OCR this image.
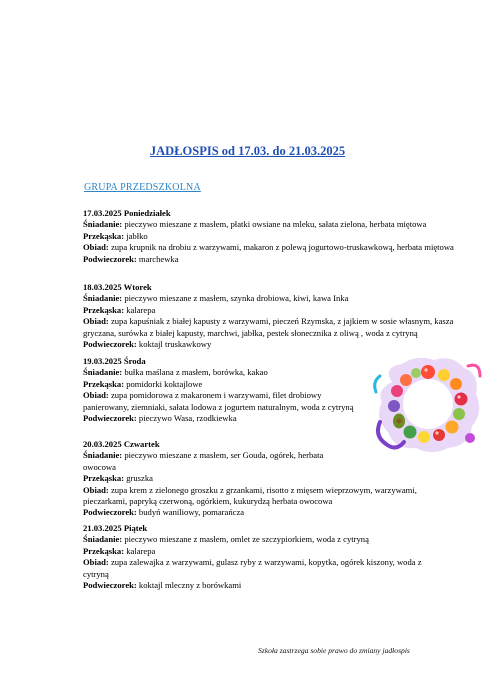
JADŁOSPIS od 17.03. do 21.03.2025
GRUPA PRZEDSZKOLNA
17.03.2025 Poniedziałek
Śniadanie: pieczywo mieszane z masłem, płatki owsiane na mleku, sałata zielona, herbata miętowa
Przekąska: jabłko
Obiad: zupa krupnik na drobiu z warzywami, makaron z polewą jogurtowo-truskawkową, herbata miętowa
Podwieczorek: marchewka
18.03.2025 Wtorek
Śniadanie: pieczywo mieszane z masłem, szynka drobiowa, kiwi, kawa Inka
Przekąska: kalarepa
Obiad: zupa kapuśniak z białej kapusty z warzywami, pieczeń Rzymska, z jajkiem w sosie własnym, kasza gryczana, surówka z białej kapusty, marchwi, jabłka, pestek słonecznika z oliwą , woda z cytryną
Podwieczorek: koktajl truskawkowy
19.03.2025 Środa
Śniadanie: bułka maślana z masłem, borówka, kakao
Przekąska: pomidorki koktajlowe
Obiad: zupa pomidorowa z makaronem i warzywami, filet drobiowy panierowany, ziemniaki, sałata lodowa z jogurtem naturalnym, woda z cytryną
Podwieczorek: pieczywo Wasa, rzodkiewka
20.03.2025 Czwartek
Śniadanie: pieczywo mieszane z masłem, ser Gouda, ogórek, herbata owocowa
Przekąska: gruszka
Obiad: zupa krem z zielonego groszku z grzankami, risotto z mięsem wieprzowym, warzywami, pieczarkami, papryką czerwoną, ogórkiem, kukurydzą herbata owocowa
Podwieczorek: budyń waniliowy, pomarańcza
21.03.2025 Piątek
Śniadanie: pieczywo mieszane z masłem, omlet ze szczypiorkiem, woda z cytryną
Przekąska: kalarepa
Obiad: zupa zalewajka z warzywami, gulasz ryby z warzywami, kopytka, ogórek kiszony, woda z cytryną
Podwieczorek: koktajl mleczny z borówkami
Szkoła zastrzega sobie prawo do zmiany jadłospis
